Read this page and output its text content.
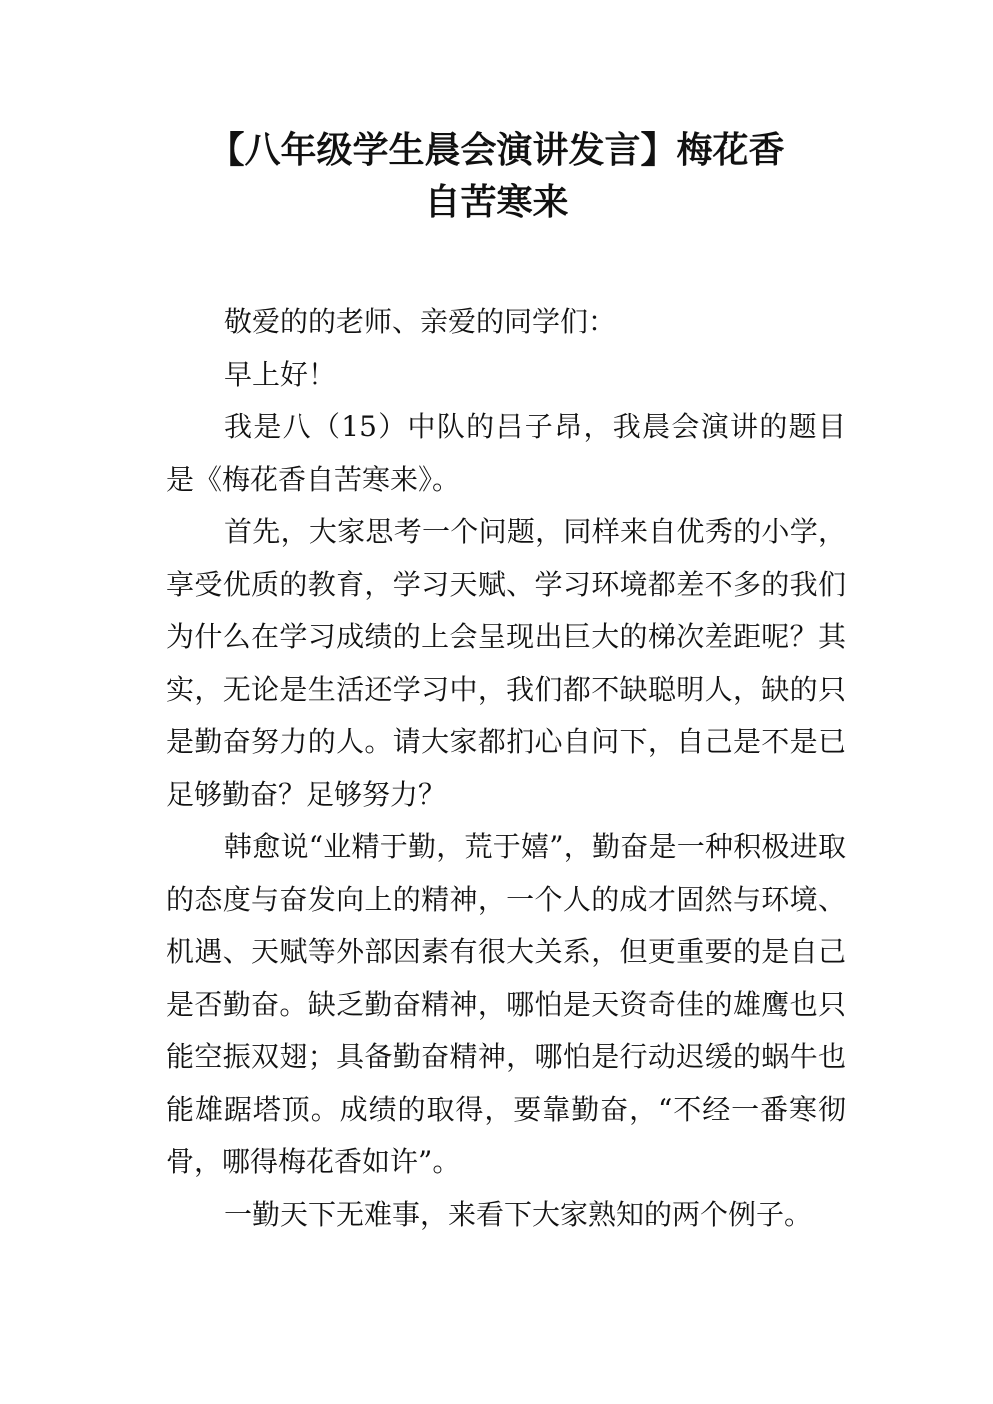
【八年级学生晨会演讲发言】梅花香
自苦寒来

敬爱的的老师、亲爱的同学们：

早上好！

我是八（15）中队的吕子昂，我晨会演讲的题目是《梅花香自苦寒来》。

首先，大家思考一个问题，同样来自优秀的小学，享受优质的教育，学习天赋、学习环境都差不多的我们为什么在学习成绩的上会呈现出巨大的梯次差距呢？其实，无论是生活还学习中，我们都不缺聪明人，缺的只是勤奋努力的人。请大家都扪心自问下，自己是不是已足够勤奋？足够努力？

韩愈说“业精于勤，荒于嬉”，勤奋是一种积极进取的态度与奋发向上的精神，一个人的成才固然与环境、机遇、天赋等外部因素有很大关系，但更重要的是自己是否勤奋。缺乏勤奋精神，哪怕是天资奇佳的雄鹰也只能空振双翅；具备勤奋精神，哪怕是行动迟缓的蜗牛也能雄踞塔顶。成绩的取得，要靠勤奋，“不经一番寒彻骨，哪得梅花香如许”。

一勤天下无难事，来看下大家熟知的两个例子。
